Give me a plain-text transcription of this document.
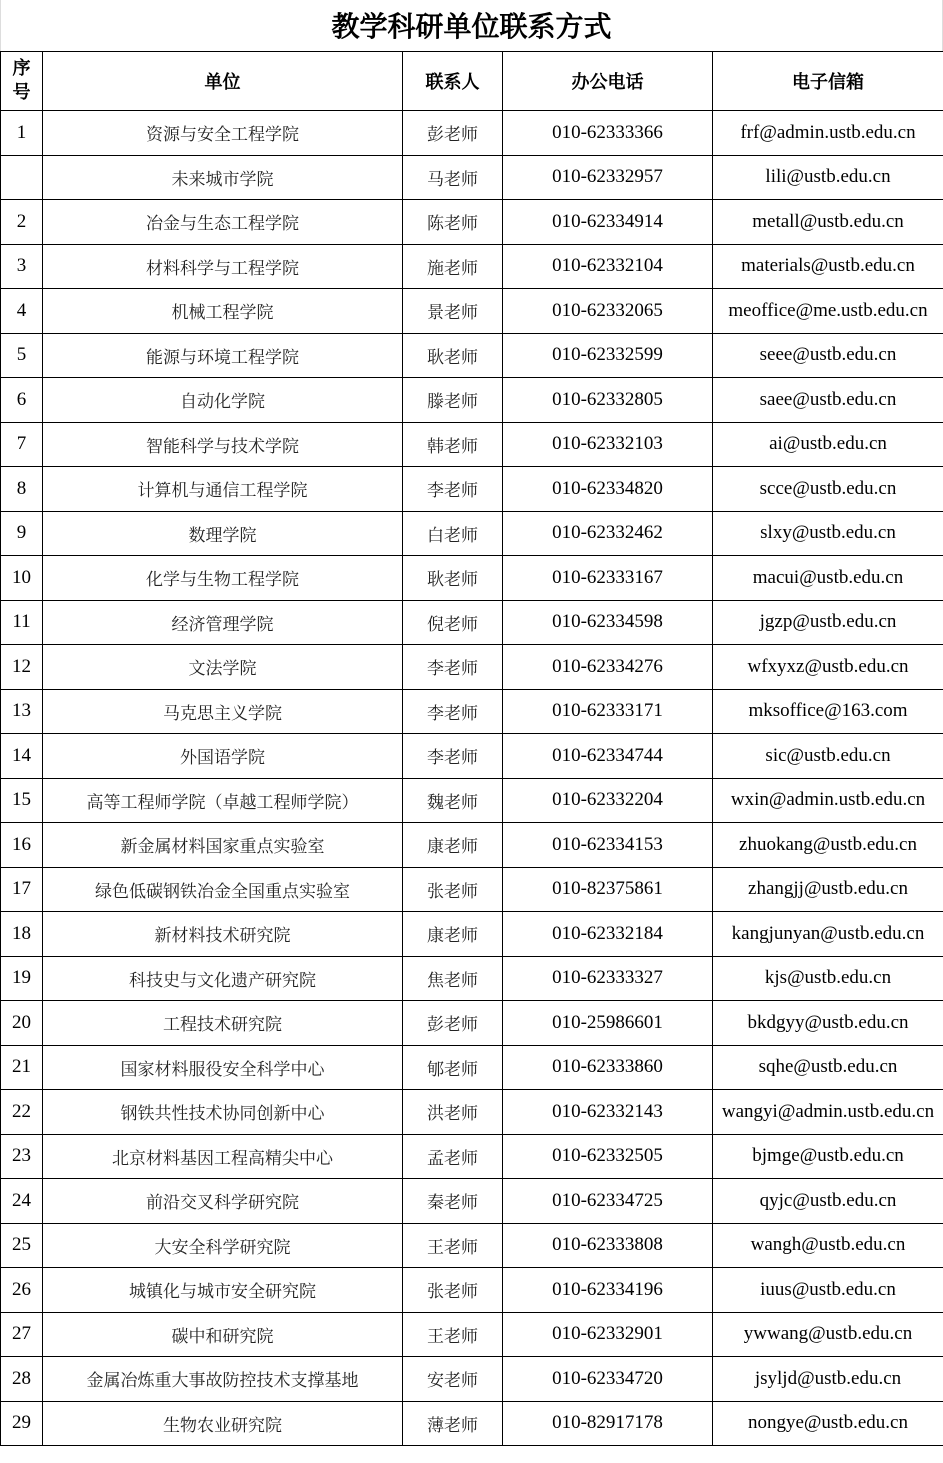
教学科研单位联系方式
序
号	单位	联系人	办公电话	电子信箱
1	资源与安全工程学院	彭老师	010-62333366	frf@admin.ustb.edu.cn
	未来城市学院	马老师	010-62332957	lili@ustb.edu.cn
2	冶金与生态工程学院	陈老师	010-62334914	metall@ustb.edu.cn
3	材料科学与工程学院	施老师	010-62332104	materials@ustb.edu.cn
4	机械工程学院	景老师	010-62332065	meoffice@me.ustb.edu.cn
5	能源与环境工程学院	耿老师	010-62332599	seee@ustb.edu.cn
6	自动化学院	滕老师	010-62332805	saee@ustb.edu.cn
7	智能科学与技术学院	韩老师	010-62332103	ai@ustb.edu.cn
8	计算机与通信工程学院	李老师	010-62334820	scce@ustb.edu.cn
9	数理学院	白老师	010-62332462	slxy@ustb.edu.cn
10	化学与生物工程学院	耿老师	010-62333167	macui@ustb.edu.cn
11	经济管理学院	倪老师	010-62334598	jgzp@ustb.edu.cn
12	文法学院	李老师	010-62334276	wfxyxz@ustb.edu.cn
13	马克思主义学院	李老师	010-62333171	mksoffice@163.com
14	外国语学院	李老师	010-62334744	sic@ustb.edu.cn
15	高等工程师学院（卓越工程师学院）	魏老师	010-62332204	wxin@admin.ustb.edu.cn
16	新金属材料国家重点实验室	康老师	010-62334153	zhuokang@ustb.edu.cn
17	绿色低碳钢铁冶金全国重点实验室	张老师	010-82375861	zhangjj@ustb.edu.cn
18	新材料技术研究院	康老师	010-62332184	kangjunyan@ustb.edu.cn
19	科技史与文化遗产研究院	焦老师	010-62333327	kjs@ustb.edu.cn
20	工程技术研究院	彭老师	010-25986601	bkdgyy@ustb.edu.cn
21	国家材料服役安全科学中心	郇老师	010-62333860	sqhe@ustb.edu.cn
22	钢铁共性技术协同创新中心	洪老师	010-62332143	wangyi@admin.ustb.edu.cn
23	北京材料基因工程高精尖中心	孟老师	010-62332505	bjmge@ustb.edu.cn
24	前沿交叉科学研究院	秦老师	010-62334725	qyjc@ustb.edu.cn
25	大安全科学研究院	王老师	010-62333808	wangh@ustb.edu.cn
26	城镇化与城市安全研究院	张老师	010-62334196	iuus@ustb.edu.cn
27	碳中和研究院	王老师	010-62332901	ywwang@ustb.edu.cn
28	金属冶炼重大事故防控技术支撑基地	安老师	010-62334720	jsyljd@ustb.edu.cn
29	生物农业研究院	薄老师	010-82917178	nongye@ustb.edu.cn
